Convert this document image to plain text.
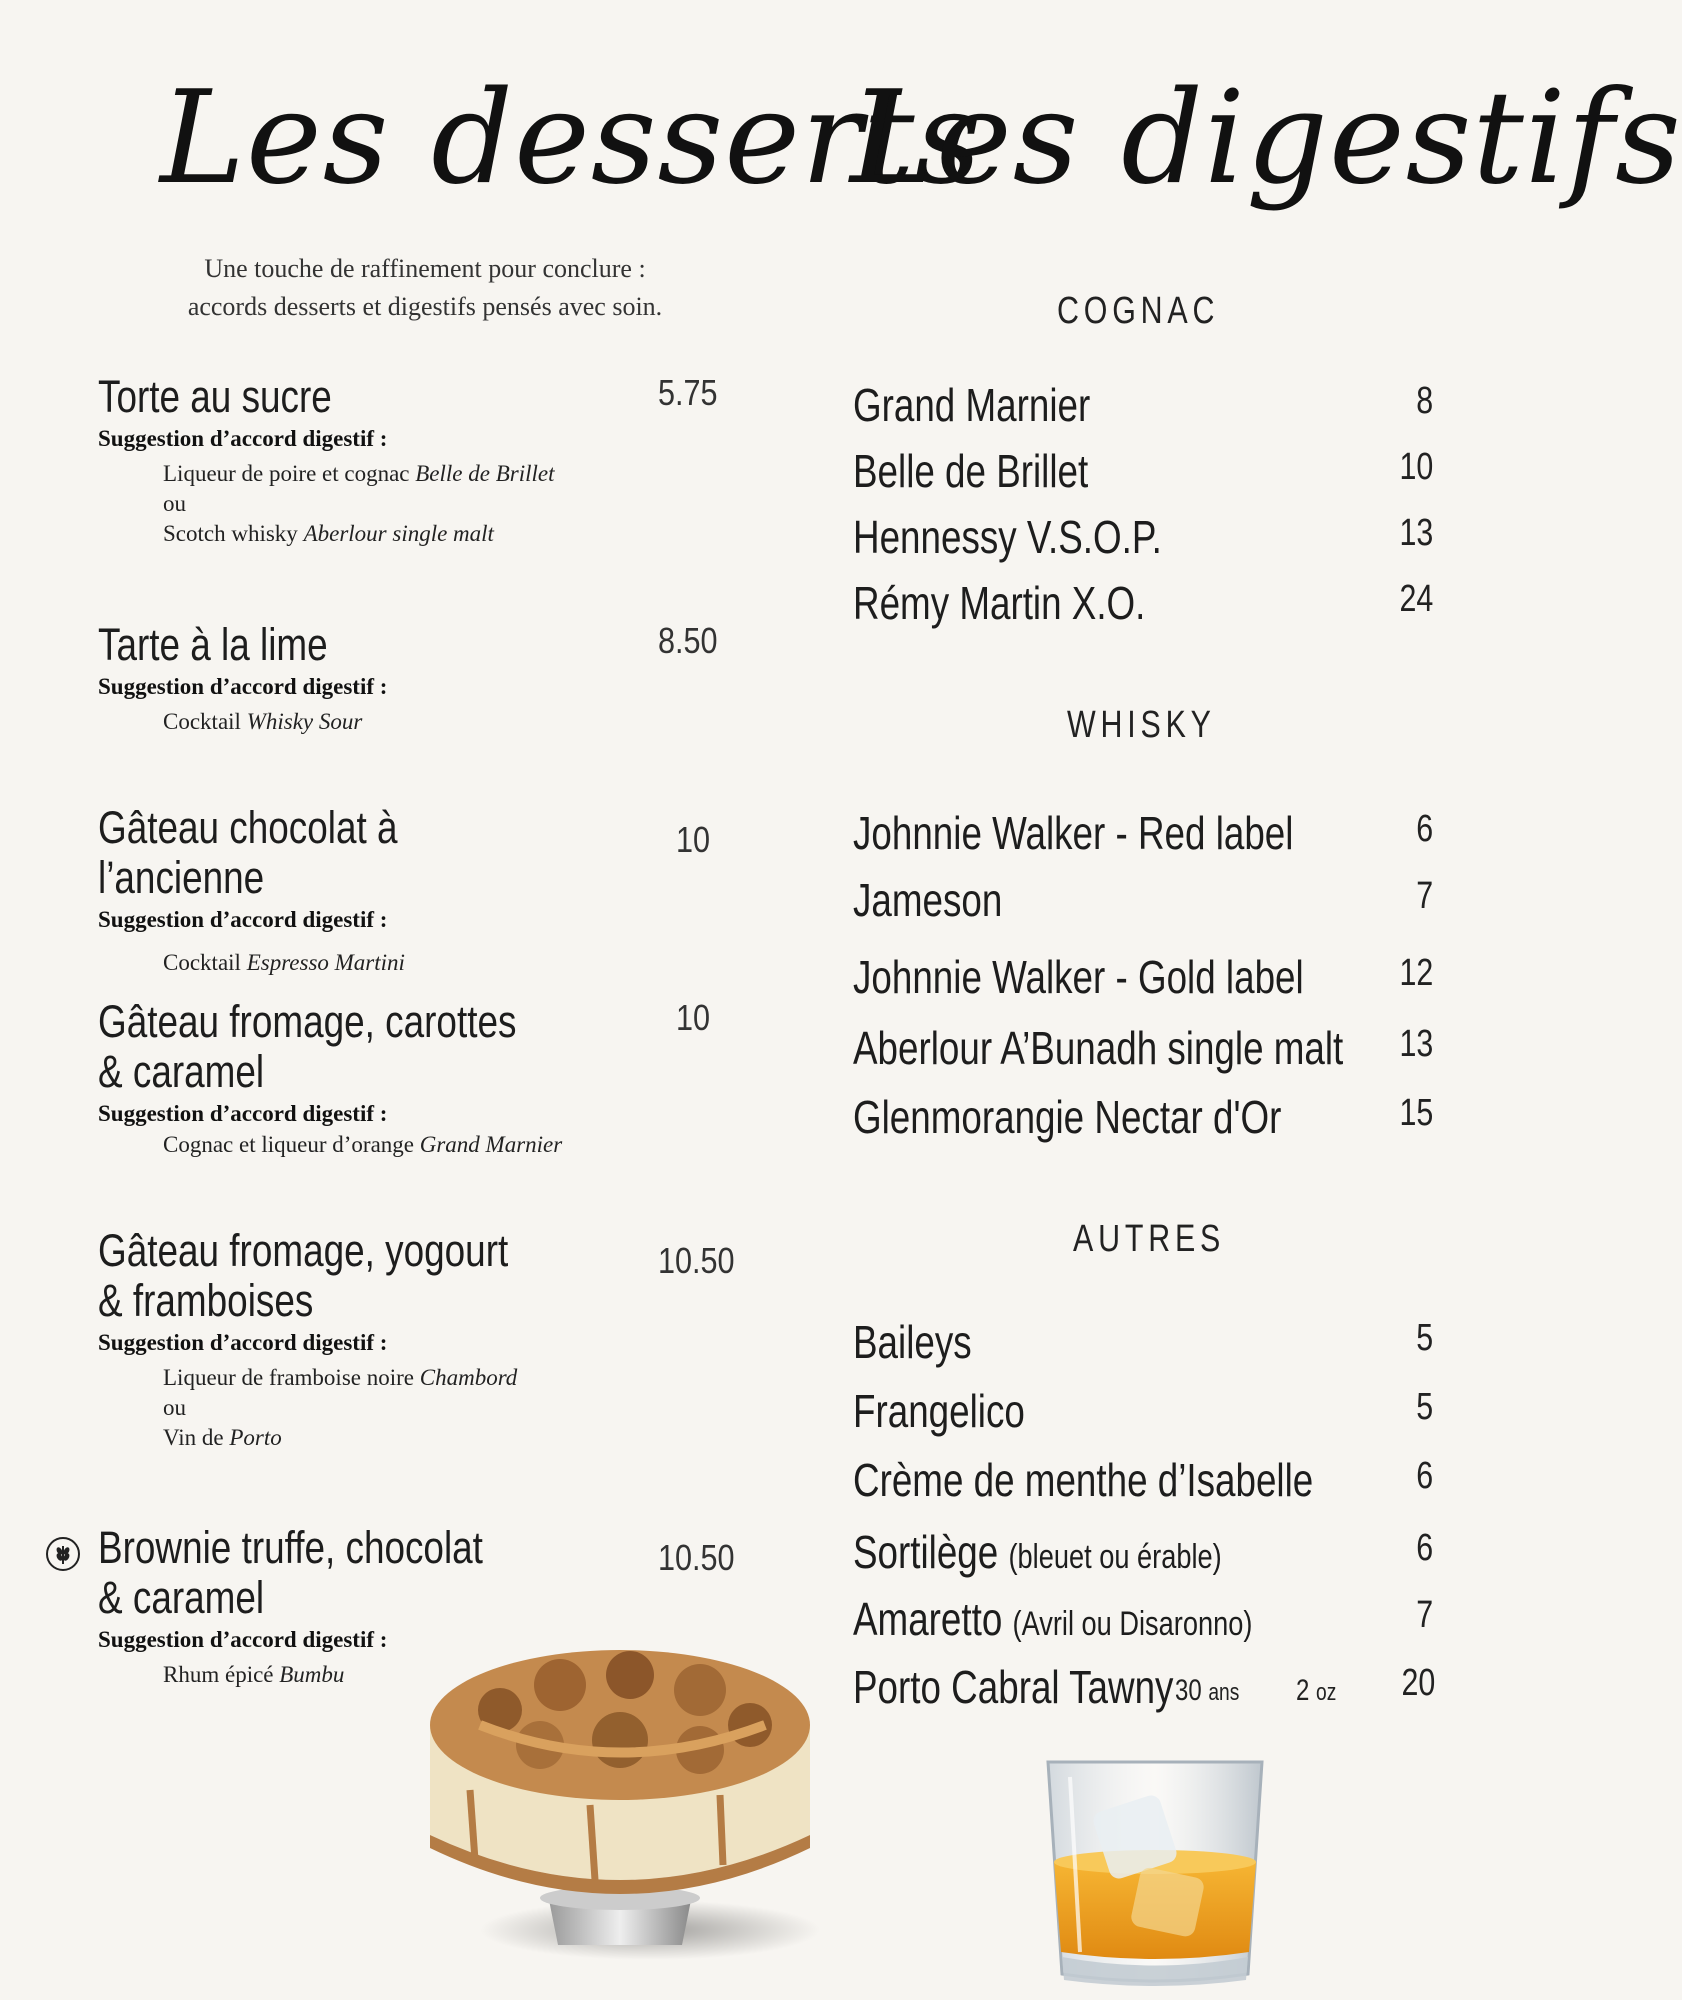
Les desserts
Les digestifs
Une touche de raffinement pour conclure :
accords desserts et digestifs pensés avec soin.
Torte au sucre	5.75
Suggestion d’accord digestif :
Liqueur de poire et cognac Belle de Brillet
ou
Scotch whisky Aberlour single malt
Tarte à la lime	8.50
Suggestion d’accord digestif :
Cocktail Whisky Sour
Gâteau chocolat à l’ancienne
10
Suggestion d’accord digestif :
Cocktail Espresso Martini
Gâteau fromage, carottes
& caramel
10
Suggestion d’accord digestif :
Cognac et liqueur d’orange Grand Marnier
Gâteau fromage, yogourt
& framboises
10.50
Suggestion d’accord digestif :
Liqueur de framboise noire Chambord
ou
Vin de Porto
Brownie truffe, chocolat
& caramel
10.50
Suggestion d’accord digestif :
Rhum épicé Bumbu
COGNAC
Grand Marnier	8
Belle de Brillet	10
Hennessy V.S.O.P.	13
Rémy Martin X.O.	24
WHISKY
Johnnie Walker - Red label	6
Jameson	7
Johnnie Walker - Gold label	12
Aberlour A’Bunadh single malt 13
Glenmorangie Nectar d'Or	15
AUTRES
Baileys	5
Frangelico	5
Crème de menthe d’Isabelle	6
Sortilège (bleuet ou érable)	6
Amaretto (Avril ou Disaronno)	7
Porto Cabral Tawny 30 ans 2 oz 20
